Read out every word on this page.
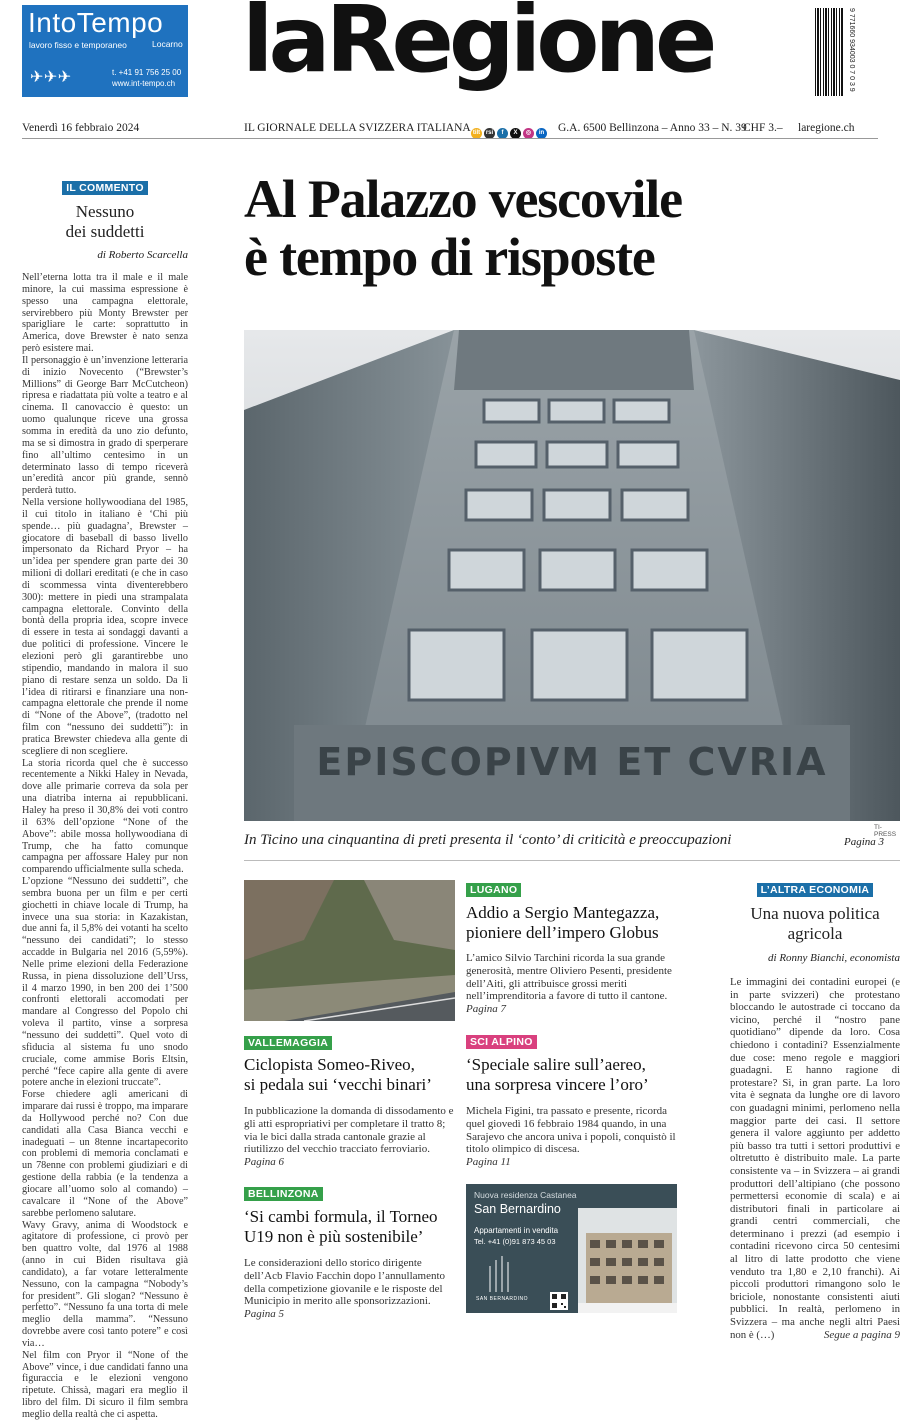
IntoTempo
lavoro fisso e temporaneo	Locarno
✈ ✈ ✈	t. +41 91 756 25 00
www.int-tempo.ch laRegione	9 771660 934003 0 7 0 3 9
Venerdì 16 febbraio 2024	IL GIORNALE DELLA SVIZZERA ITALIANA tilt rsi	f	X	◎	in G.A. 6500 Bellinzona – Anno 33 – N. 39
CHF 3.– laregione.ch
IL COMMENTO
Nessuno
dei suddetti
di Roberto Scarcella

Nell’eterna lotta tra il male e il male minore, la cui massima espressione è spesso una campagna elettorale, servirebbero più Monty Brewster per sparigliare le carte: soprattutto in America, dove Brewster è nato senza però esistere mai.

Il personaggio è un’invenzione letteraria di inizio Novecento (“Brewster’s Millions” di George Barr McCutcheon) ripresa e riadattata più volte a teatro e al cinema. Il canovaccio è questo: un uomo qualunque riceve una grossa somma in eredità da uno zio defunto, ma se si dimostra in grado di sperperare fino all’ultimo centesimo in un determinato lasso di tempo riceverà un’eredità ancor più grande, sennò perderà tutto.

Nella versione hollywoodiana del 1985, il cui titolo in italiano è ‘Chi più spende… più guadagna’, Brewster – giocatore di baseball di basso livello impersonato da Richard Pryor – ha un’idea per spendere gran parte dei 30 milioni di dollari ereditati (e che in caso di scommessa vinta diventerebbero 300): mettere in piedi una strampalata campagna elettorale. Convinto della bontà della propria idea, scopre invece di essere in testa ai sondaggi davanti a due politici di professione. Vincere le elezioni però gli garantirebbe uno stipendio, mandando in malora il suo piano di restare senza un soldo. Da lì l’idea di ritirarsi e finanziare una non-campagna elettorale che prende il nome di “None of the Above”, (tradotto nel film con “nessuno dei suddetti”): in pratica Brewster chiedeva alla gente di scegliere di non scegliere.

La storia ricorda quel che è successo recentemente a Nikki Haley in Nevada, dove alle primarie correva da sola per una diatriba interna ai repubblicani. Haley ha preso il 30,8% dei voti contro il 63% dell’opzione “None of the Above”: abile mossa hollywoodiana di Trump, che ha fatto comunque campagna per affossare Haley pur non comparendo ufficialmente sulla scheda.

L’opzione “Nessuno dei suddetti”, che sembra buona per un film e per certi giochetti in chiave locale di Trump, ha invece una sua storia: in Kazakistan, due anni fa, il 5,8% dei votanti ha scelto “nessuno dei candidati”; lo stesso accadde in Bulgaria nel 2016 (5,59%). Nelle prime elezioni della Federazione Russa, in piena dissoluzione dell’Urss, il 4 marzo 1990, in ben 200 dei 1’500 confronti elettorali accomodati per mandare al Congresso del Popolo chi voleva il partito, vinse a sorpresa “nessuno dei suddetti”. Quel voto di sfiducia al sistema fu uno snodo cruciale, come ammise Boris Eltsin, perché “fece capire alla gente di avere potere anche in elezioni truccate”.

Forse chiedere agli americani di imparare dai russi è troppo, ma imparare da Hollywood perché no? Con due candidati alla Casa Bianca vecchi e inadeguati – un 8tenne incartapecorito con problemi di memoria conclamati e un 78enne con problemi giudiziari e di gestione della rabbia (e la tendenza a giocare all’uomo solo al comando) – cavalcare il “None of the Above” sarebbe perlomeno salutare.

Wavy Gravy, anima di Woodstock e agitatore di professione, ci provò per ben quattro volte, dal 1976 al 1988 (anno in cui Biden risultava già candidato), a far votare letteralmente Nessuno, con la campagna “Nobody’s for president”. Gli slogan? “Nessuno è perfetto”. “Nessuno fa una torta di mele meglio della mamma”. “Nessuno dovrebbe avere così tanto potere” e così via…

Nel film con Pryor il “None of the Above” vince, i due candidati fanno una figuraccia e le elezioni vengono ripetute. Chissà, magari era meglio il libro del film. Di sicuro il film sembra meglio della realtà che ci aspetta.

Al Palazzo vescovile
è tempo di risposte
EPISCOPIVM ET CVRIA
TI-PRESS
In Ticino una cinquantina di preti presenta il ‘conto’ di criticità e preoccupazioni	Pagina 3
VALLEMAGGIA
Ciclopista Someo-Riveo,
si pedala sui ‘vecchi binari’
In pubblicazione la domanda di dissodamento e gli atti espropriativi per completare il tratto 8; via le bici dalla strada cantonale grazie al riutilizzo del vecchio tracciato ferroviario.
Pagina 6
BELLINZONA
‘Si cambi formula, il Torneo
U19 non è più sostenibile’
Le considerazioni dello storico dirigente dell’Acb Flavio Facchin dopo l’annullamento della competizione giovanile e le risposte del Municipio in merito alle sponsorizzazioni.
Pagina 5
LUGANO
Addio a Sergio Mantegazza,
pioniere dell’impero Globus
L’amico Silvio Tarchini ricorda la sua grande generosità, mentre Oliviero Pesenti, presidente dell’Aiti, gli attribuisce grossi meriti nell’imprenditoria a favore di tutto il cantone.
Pagina 7
SCI ALPINO
‘Speciale salire sull’aereo,
una sorpresa vincere l’oro’
Michela Figini, tra passato e presente, ricorda quel giovedì 16 febbraio 1984 quando, in una Sarajevo che ancora univa i popoli, conquistò il titolo olimpico di discesa.
Pagina 11
Nuova residenza Castanea
San Bernardino
Appartamenti in vendita
Tel. +41 (0)91 873 45 03
SAN BERNARDINO
L’ALTRA ECONOMIA
Una nuova politica
agricola
di Ronny Bianchi, economista
Le immagini dei contadini europei (e in parte svizzeri) che protestano bloccando le autostrade ci toccano da vicino, perché il “nostro pane quotidiano” dipende da loro. Cosa chiedono i contadini? Essenzialmente due cose: meno regole e maggiori guadagni. E hanno ragione di protestare? Sì, in gran parte. La loro vita è segnata da lunghe ore di lavoro con guadagni minimi, perlomeno nella maggior parte dei casi. Il settore genera il valore aggiunto per addetto più basso tra tutti i settori produttivi e oltretutto è distribuito male. La parte consistente va – in Svizzera – ai grandi produttori dell’altipiano (che possono permettersi economie di scala) e ai distributori finali in particolare ai grandi centri commerciali, che determinano i prezzi (ad esempio i contadini ricevono circa 50 centesimi al litro di latte prodotto che viene venduto tra 1,80 e 2,10 franchi). Ai piccoli produttori rimangono solo le briciole, nonostante consistenti aiuti pubblici. In realtà, perlomeno in Svizzera – ma anche negli altri Paesi non è (…)	Segue a pagina 9
